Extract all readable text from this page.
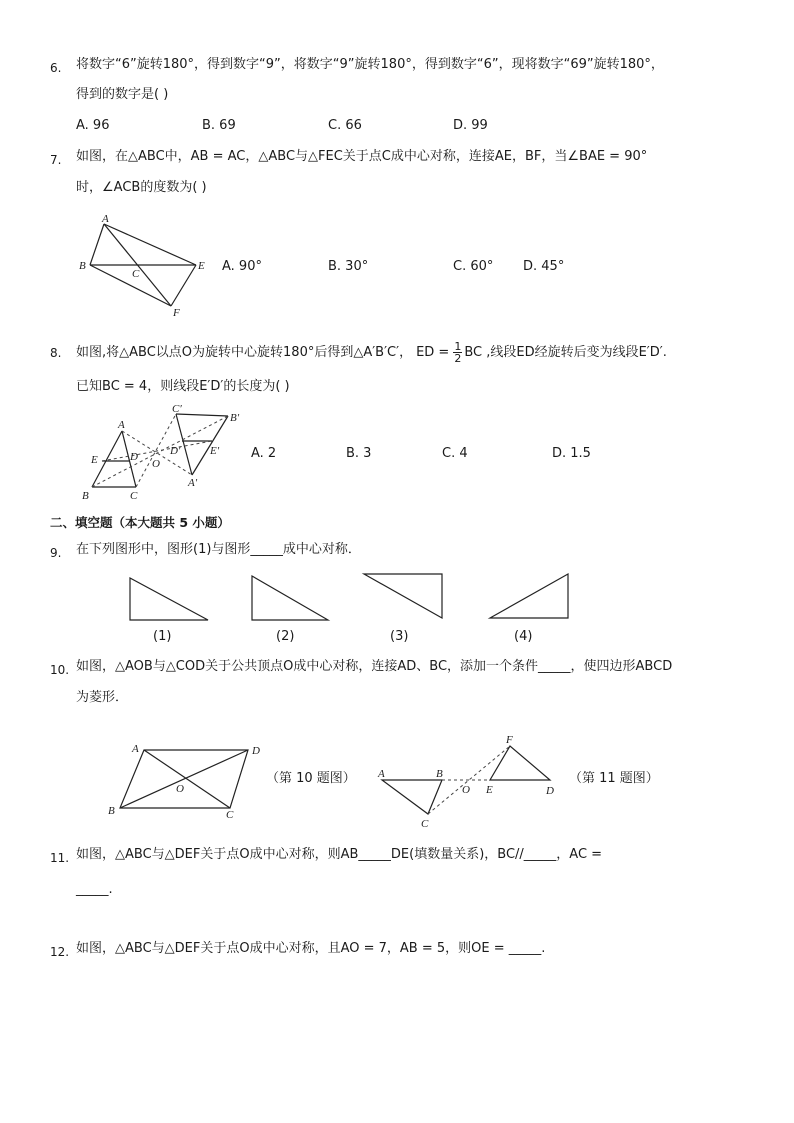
6. 将数字“6”旋转180°，得到数字“9”，将数字“9”旋转180°，得到数字“6”，现将数字“69”旋转180°，
得到的数字是( )
A. 96	B. 69	C. 66	D. 99
7. 如图，在△ABC中，AB = AC，△ABC与△FEC关于点C成中心对称，连接AE，BF，当∠BAE = 90°
时，∠ACB的度数为( )
A
B
C
E
F
A. 90°	B. 30°	C. 60° D. 45°
8. 如图,将△ABC以点O为旋转中心旋转180°后得到△A′B′C′， ED = $\frac{1}{2}$ BC ,线段ED经旋转后变为线段E′D′.
已知BC = 4，则线段E′D′的长度为( )
A
B	C
D
E	O
A′
B′
C′
D′	E′ A. 2	B. 3	C. 4	D. 1.5
二、填空题（本大题共 5 小题）
9. 在下列图形中，图形(1)与图形_____成中心对称．
(1)	(2)	(3)	(4)
10. 如图，△AOB与△COD关于公共顶点O成中心对称，连接AD、BC，添加一个条件_____，使四边形ABCD
为菱形．
A
B	C
D
O
（第 10 题图） A	B
C
D
E
F
O
（第 11 题图）
11. 如图，△ABC与△DEF关于点O成中心对称，则AB_____DE(填数量关系)，BC//_____，AC =
_____.
12. 如图，△ABC与△DEF关于点O成中心对称，且AO = 7，AB = 5，则OE = _____.
